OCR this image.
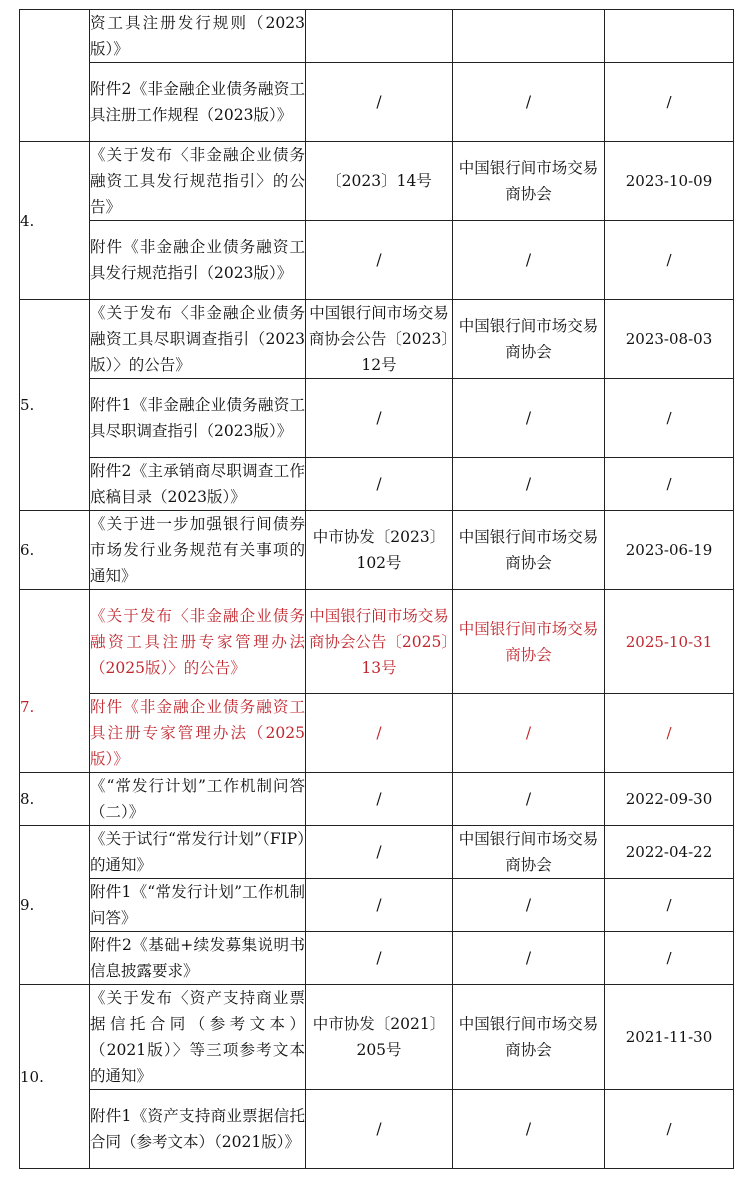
	资工具注册发行规则（2023版）》			

	附件2《非金融企业债务融资工具注册工作规程（2023版）》	/	/	/
4.	《关于发布〈非金融企业债务融资工具发行规范指引〉的公告》	〔2023〕14号	中国银行间市场交易商协会	2023-10-09

	附件《非金融企业债务融资工具发行规范指引（2023版）》	/	/	/
5.	《关于发布〈非金融企业债务融资工具尽职调查指引（2023版）〉的公告》	中国银行间市场交易商协会公告〔2023〕12号	中国银行间市场交易商协会	2023-08-03

	附件1《非金融企业债务融资工具尽职调查指引（2023版）》	/	/	/

	附件2《主承销商尽职调查工作底稿目录（2023版）》	/	/	/
6.	《关于进一步加强银行间债券市场发行业务规范有关事项的通知》	中市协发〔2023〕102号	中国银行间市场交易商协会	2023-06-19
7.	《关于发布〈非金融企业债务融资工具注册专家管理办法（2025版）〉的公告》	中国银行间市场交易商协会公告〔2025〕13号	中国银行间市场交易商协会	2025-10-31

	附件《非金融企业债务融资工具注册专家管理办法（2025版）》	/	/	/
8.	《“常发行计划”工作机制问答（二）》	/	/	2022-09-30
9.	《关于试行“常发行计划”（FIP）的通知》	/	中国银行间市场交易商协会	2022-04-22

	附件1《“常发行计划”工作机制问答》	/	/	/

	附件2《基础+续发募集说明书信息披露要求》	/	/	/
10.	《关于发布〈资产支持商业票据信托合同（参考文本）（2021版）〉等三项参考文本的通知》	中市协发〔2021〕205号	中国银行间市场交易商协会	2021-11-30

	附件1《资产支持商业票据信托合同（参考文本）（2021版）》	/	/	/
